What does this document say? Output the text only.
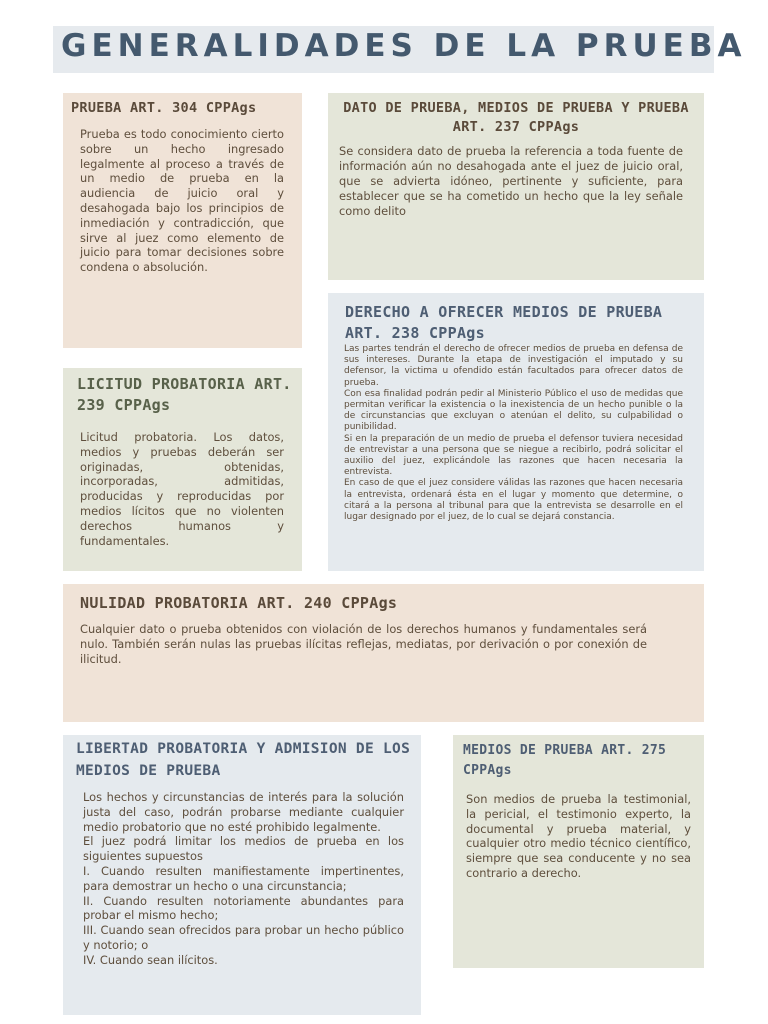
GENERALIDADES DE LA PRUEBA
PRUEBA ART. 304 CPPAgs

Prueba es todo conocimiento cierto sobre un hecho ingresado legalmente al proceso a través de un medio de prueba en la audiencia de juicio oral y desahogada bajo los principios de inmediación y contradicción, que sirve al juez como elemento de juicio para tomar decisiones sobre condena o absolución.

DATO DE PRUEBA, MEDIOS DE PRUEBA Y PRUEBA ART. 237 CPPAgs

Se considera dato de prueba la referencia a toda fuente de información aún no desahogada ante el juez de juicio oral, que se advierta idóneo, pertinente y suficiente, para establecer que se ha cometido un hecho que la ley señale como delito

DERECHO A OFRECER MEDIOS DE PRUEBA ART. 238 CPPAgs

Las partes tendrán el derecho de ofrecer medios de prueba en defensa de sus intereses. Durante la etapa de investigación el imputado y su defensor, la victima u ofendido están facultados para ofrecer datos de prueba.

Con esa finalidad podrán pedir al Ministerio Público el uso de medidas que permitan verificar la existencia o la inexistencia de un hecho punible o la de circunstancias que excluyan o atenúan el delito, su culpabilidad o punibilidad.

Si en la preparación de un medio de prueba el defensor tuviera necesidad de entrevistar a una persona que se niegue a recibirlo, podrá solicitar el auxilio del juez, explicándole las razones que hacen necesaria la entrevista.

En caso de que el juez considere válidas las razones que hacen necesaria la entrevista, ordenará ésta en el lugar y momento que determine, o citará a la persona al tribunal para que la entrevista se desarrolle en el lugar designado por el juez, de lo cual se dejará constancia.

LICITUD PROBATORIA ART. 239 CPPAgs

Licitud probatoria. Los datos, medios y pruebas deberán ser originadas, obtenidas, incorporadas, admitidas, producidas y reproducidas por medios lícitos que no violenten derechos humanos y fundamentales.

NULIDAD PROBATORIA ART. 240 CPPAgs

Cualquier dato o prueba obtenidos con violación de los derechos humanos y fundamentales será nulo. También serán nulas las pruebas ilícitas reflejas, mediatas, por derivación o por conexión de ilicitud.

LIBERTAD PROBATORIA Y ADMISION DE LOS MEDIOS DE PRUEBA

Los hechos y circunstancias de interés para la solución justa del caso, podrán probarse mediante cualquier medio probatorio que no esté prohibido legalmente.

El juez podrá limitar los medios de prueba en los siguientes supuestos

I. Cuando resulten manifiestamente impertinentes, para demostrar un hecho o una circunstancia;

II. Cuando resulten notoriamente abundantes para probar el mismo hecho;

III. Cuando sean ofrecidos para probar un hecho público y notorio; o

IV. Cuando sean ilícitos.

MEDIOS DE PRUEBA ART. 275 CPPAgs

Son medios de prueba la testimonial, la pericial, el testimonio experto, la documental y prueba material, y cualquier otro medio técnico científico, siempre que sea conducente y no sea contrario a derecho.
